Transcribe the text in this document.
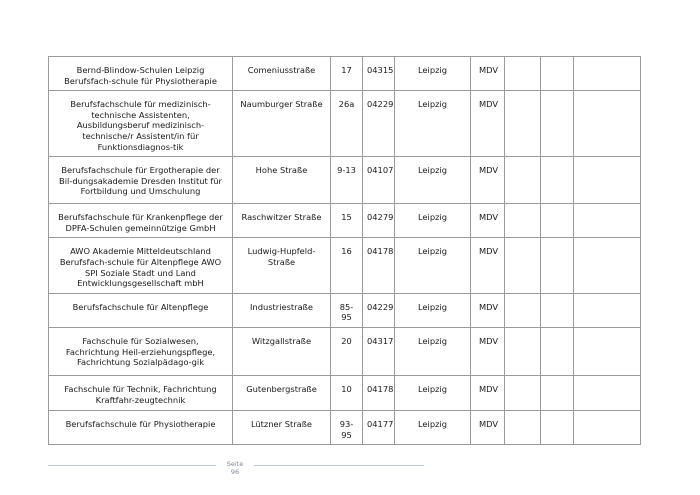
Bernd-Blindow-Schulen Leipzig Berufsfach-schule für Physiotherapie	Comeniusstraße	17	04315	Leipzig	MDV			
Berufsfachschule für medizinisch-technische Assistenten, Ausbildungsberuf medizinisch-technische/r Assistent/in für Funktionsdiagnos-tik	Naumburger Straße	26a	04229	Leipzig	MDV			
Berufsfachschule für Ergotherapie der Bil-dungsakademie Dresden Institut für Fortbildung und Umschulung	Hohe Straße	9-13	04107	Leipzig	MDV			
Berufsfachschule für Krankenpflege der DPFA-Schulen gemeinnützige GmbH	Raschwitzer Straße	15	04279	Leipzig	MDV			
AWO Akademie Mitteldeutschland Berufsfach-schule für Altenpflege AWO SPI Soziale Stadt und Land Entwicklungsgesellschaft mbH	Ludwig-Hupfeld-Straße	16	04178	Leipzig	MDV			
Berufsfachschule für Altenpflege	Industriestraße	85-95	04229	Leipzig	MDV			
Fachschule für Sozialwesen, Fachrichtung Heil-erziehungspflege, Fachrichtung Sozialpädago-gik	Witzgallstraße	20	04317	Leipzig	MDV			
Fachschule für Technik, Fachrichtung Kraftfahr-zeugtechnik	Gutenbergstraße	10	04178	Leipzig	MDV			
Berufsfachschule für Physiotherapie	Lützner Straße	93-95	04177	Leipzig	MDV			
Seite
96
